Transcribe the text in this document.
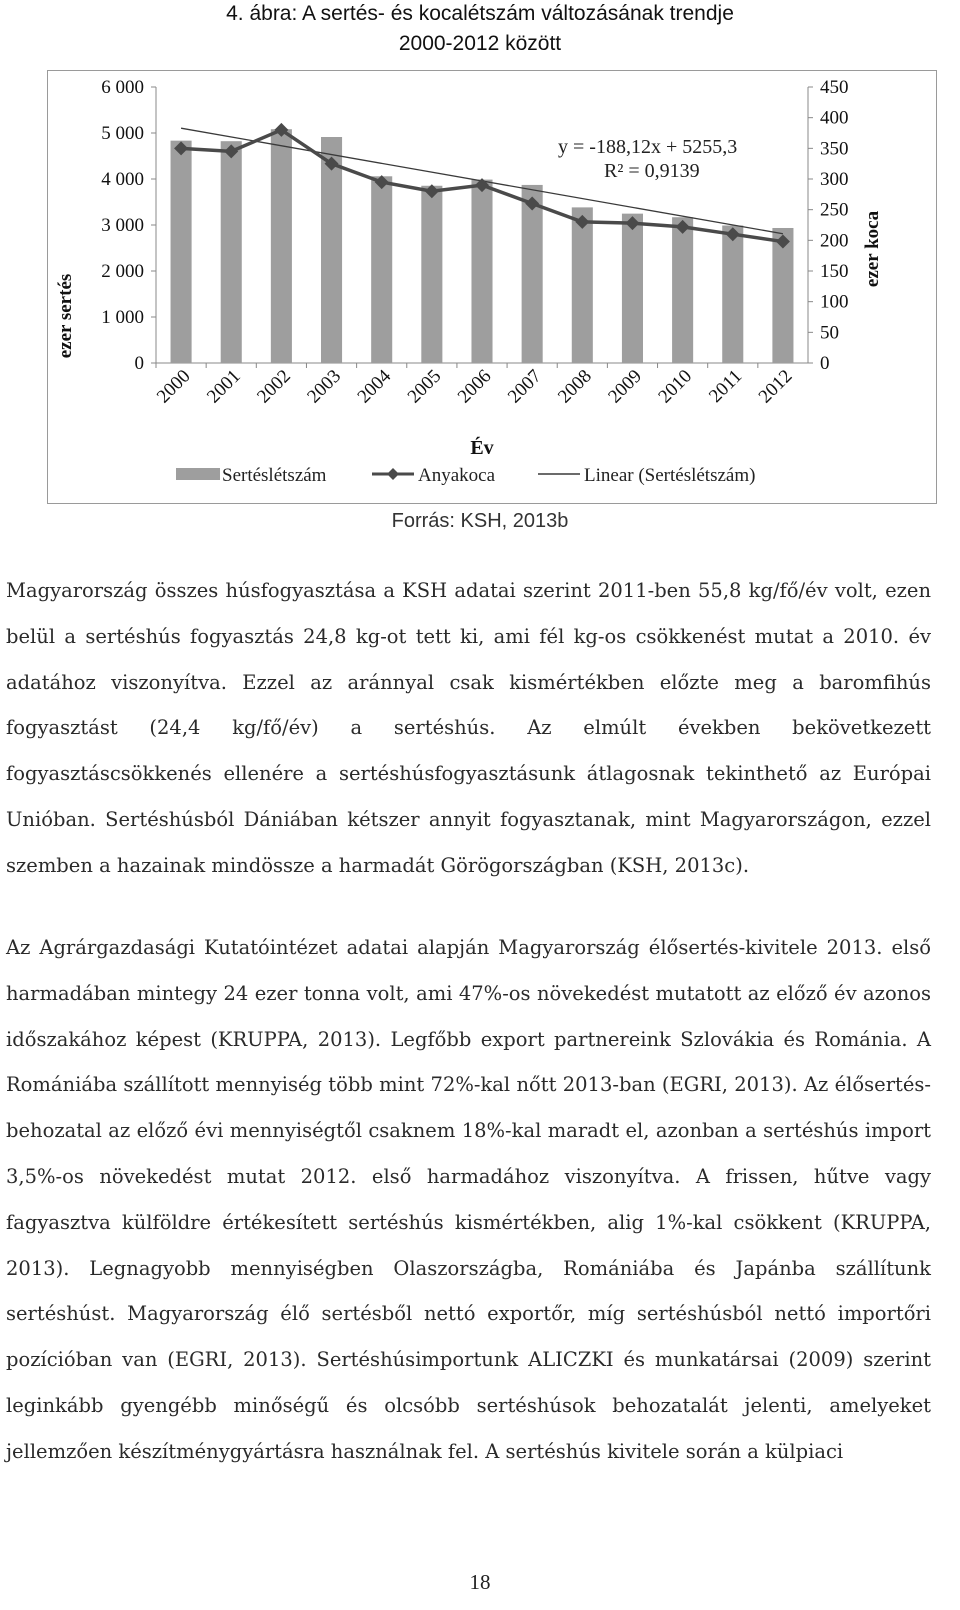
4. ábra: A sertés- és kocalétszám változásának trendje
2000-2012 között
0
1 000
2 000
3 000
4 000
5 000
6 000
0
50
100
150
200
250
300
350
400
450
2000 2001 2002 2003 2004 2005 2006 2007 2008 2009 2010 2011 2012
ezer sertés
ezer koca
Év
y = -188,12x + 5255,3
R² = 0,9139
Sertéslétszám	Anyakoca	Linear (Sertéslétszám)
Forrás: KSH, 2013b

Magyarország összes húsfogyasztása a KSH adatai szerint 2011-ben 55,8 kg/fő/év volt, ezen belül a sertéshús fogyasztás 24,8 kg-ot tett ki, ami fél kg-os csökkenést mutat a 2010. év adatához viszonyítva. Ezzel az aránnyal csak kismértékben előzte meg a baromfihús fogyasztást (24,4 kg/fő/év) a sertéshús. Az elmúlt években bekövetkezett fogyasztáscsökkenés ellenére a sertéshúsfogyasztásunk átlagosnak tekinthető az Európai Unióban. Sertéshúsból Dániában kétszer annyit fogyasztanak, mint Magyarországon, ezzel szemben a hazainak mindössze a harmadát Görögországban (KSH, 2013c).

Az Agrárgazdasági Kutatóintézet adatai alapján Magyarország élősertés-kivitele 2013. első harmadában mintegy 24 ezer tonna volt, ami 47%-os növekedést mutatott az előző év azonos időszakához képest (KRUPPA, 2013). Legfőbb export partnereink Szlovákia és Románia. A Romániába szállított mennyiség több mint 72%-kal nőtt 2013-ban (EGRI, 2013). Az élősertés-behozatal az előző évi mennyiségtől csaknem 18%-kal maradt el, azonban a sertéshús import 3,5%-os növekedést mutat 2012. első harmadához viszonyítva. A frissen, hűtve vagy fagyasztva külföldre értékesített sertéshús kismértékben, alig 1%-kal csökkent (KRUPPA, 2013). Legnagyobb mennyiségben Olaszországba, Romániába és Japánba szállítunk sertéshúst. Magyarország élő sertésből nettó exportőr, míg sertéshúsból nettó importőri pozícióban van (EGRI, 2013). Sertéshúsimportunk ALICZKI és munkatársai (2009) szerint leginkább gyengébb minőségű és olcsóbb sertéshúsok behozatalát jelenti, amelyeket jellemzően készítménygyártásra használnak fel. A sertéshús kivitele során a külpiaci

18
